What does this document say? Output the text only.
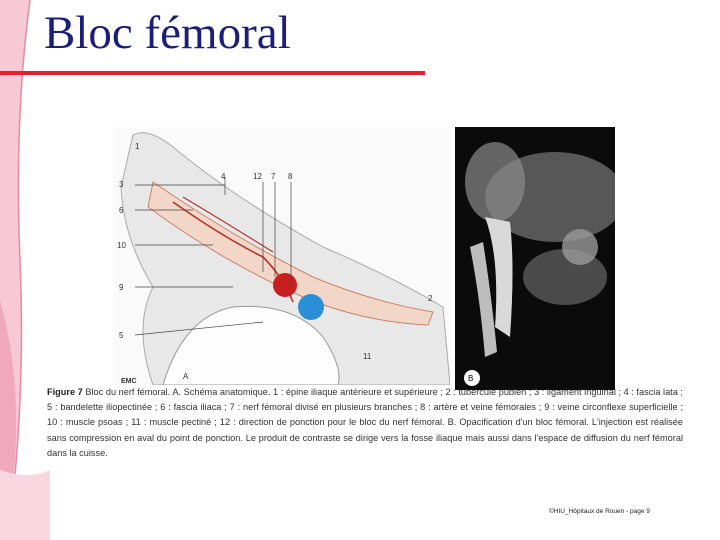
Bloc fémoral
1
3
6
10
9
5
4	12 7 8
2
11
A
EMC	B

Figure 7 Bloc du nerf fémoral. A. Schéma anatomique. 1 : épine iliaque antérieure et supérieure ; 2 : tubercule pubien ; 3 : ligament inguinal ; 4 : fascia lata ; 5 : bandelette iliopectinée ; 6 : fascia iliaca ; 7 : nerf fémoral divisé en plusieurs branches ; 8 : artère et veine fémorales ; 9 : veine circonflexe superficielle ; 10 : muscle psoas ; 11 : muscle pectiné ; 12 : direction de ponction pour le bloc du nerf fémoral. B. Opacification d'un bloc fémoral. L'injection est réalisée sans compression en aval du point de ponction. Le produit de contraste se dirige vers la fosse iliaque mais aussi dans l'espace de diffusion du nerf fémoral dans la cuisse.

©HIU_Hôpitaux de Rouen - page 9
